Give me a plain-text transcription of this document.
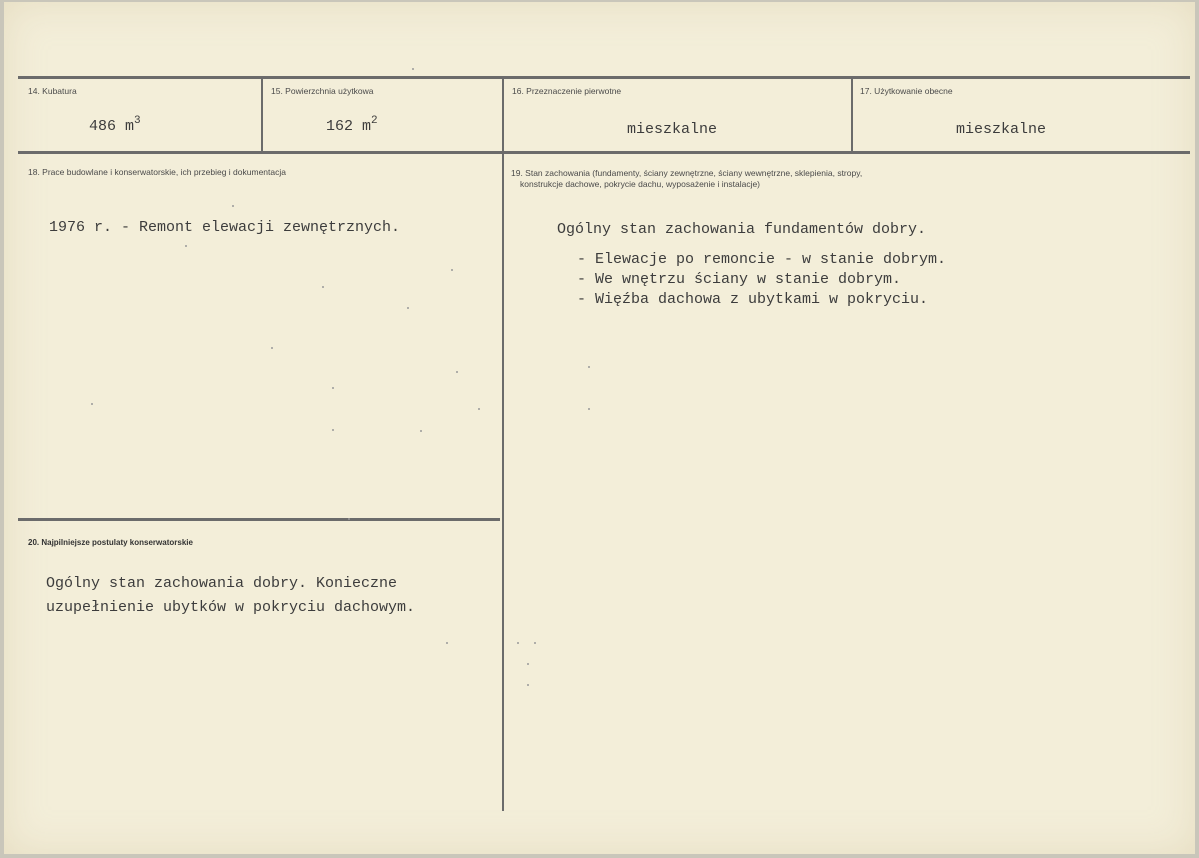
14. Kubatura
486 $m^3$
15. Powierzchnia użytkowa
162 $m^2$
16. Przeznaczenie pierwotne
mieszkalne
17. Użytkowanie obecne
mieszkalne
18. Prace budowlane i konserwatorskie, ich przebieg i dokumentacja
1976 r. - Remont elewacji zewnętrznych.
19. Stan zachowania (fundamenty, ściany zewnętrzne, ściany wewnętrzne, sklepienia, stropy,
konstrukcje dachowe, pokrycie dachu, wyposażenie i instalacje)
Ogólny stan zachowania fundamentów dobry.
- Elewacje po remoncie - w stanie dobrym.
- We wnętrzu ściany w stanie dobrym.
- Więźba dachowa z ubytkami w pokryciu.
20. Najpilniejsze postulaty konserwatorskie
Ogólny stan zachowania dobry. Konieczne
uzupełnienie ubytków w pokryciu dachowym.
